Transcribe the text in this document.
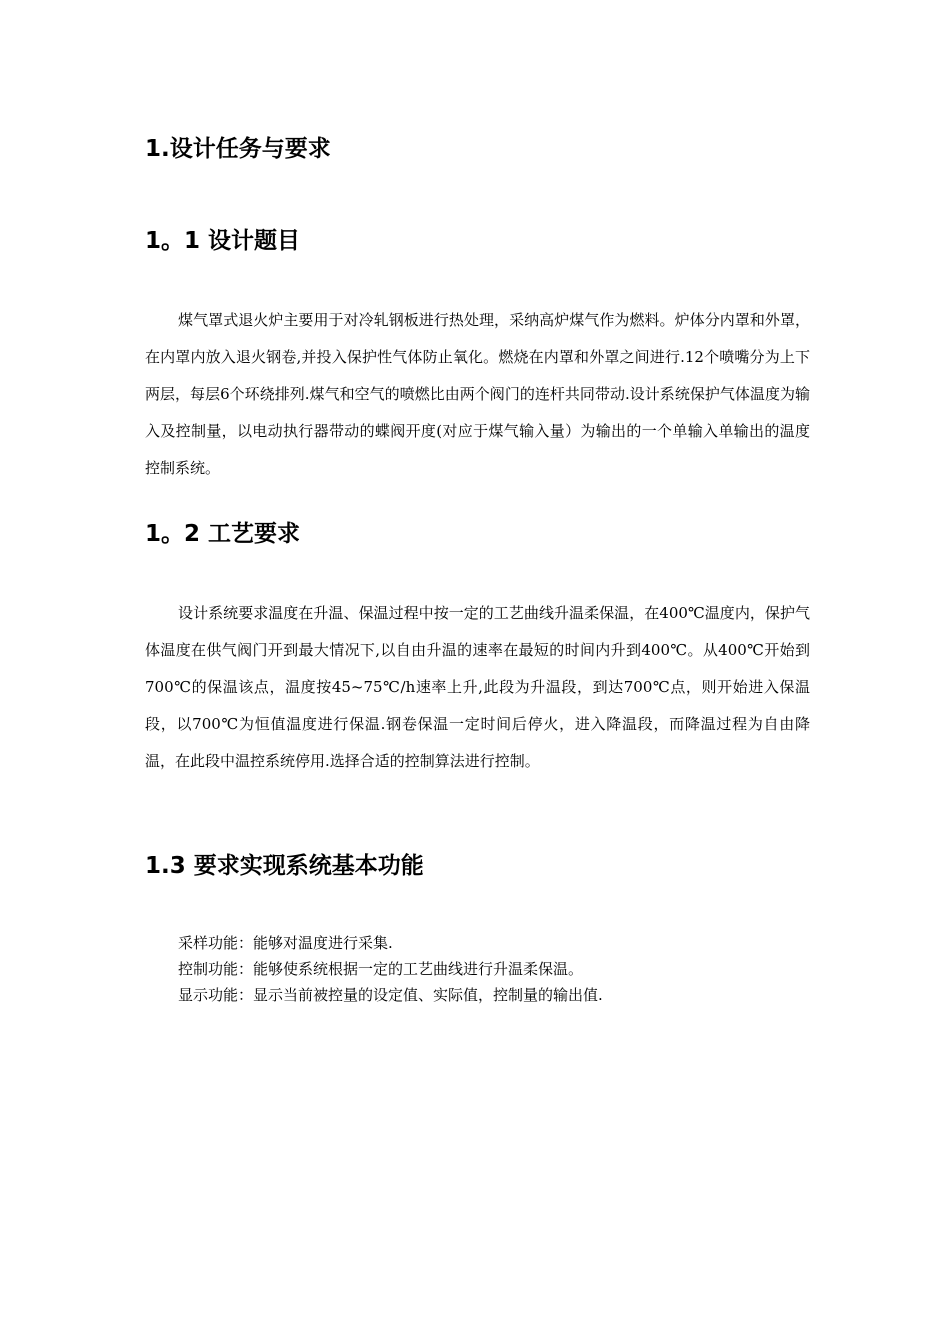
1.设计任务与要求
1。1 设计题目

煤气罩式退火炉主要用于对冷轧钢板进行热处理，采纳高炉煤气作为燃料。炉体分内罩和外罩，在内罩内放入退火钢卷,并投入保护性气体防止氧化。燃烧在内罩和外罩之间进行.12个喷嘴分为上下两层，每层6个环绕排列.煤气和空气的喷燃比由两个阀门的连杆共同带动.设计系统保护气体温度为输入及控制量，以电动执行器带动的蝶阀开度(对应于煤气输入量）为输出的一个单输入单输出的温度控制系统。

1。2 工艺要求

设计系统要求温度在升温、保温过程中按一定的工艺曲线升温柔保温，在400℃温度内，保护气体温度在供气阀门开到最大情况下,以自由升温的速率在最短的时间内升到400℃。从400℃开始到700℃的保温该点，温度按45~75℃/h速率上升,此段为升温段，到达700℃点，则开始进入保温段，以700℃为恒值温度进行保温.钢卷保温一定时间后停火，进入降温段，而降温过程为自由降温，在此段中温控系统停用.选择合适的控制算法进行控制。

1.3 要求实现系统基本功能

采样功能：能够对温度进行采集.

控制功能：能够使系统根据一定的工艺曲线进行升温柔保温。

显示功能：显示当前被控量的设定值、实际值，控制量的输出值.
